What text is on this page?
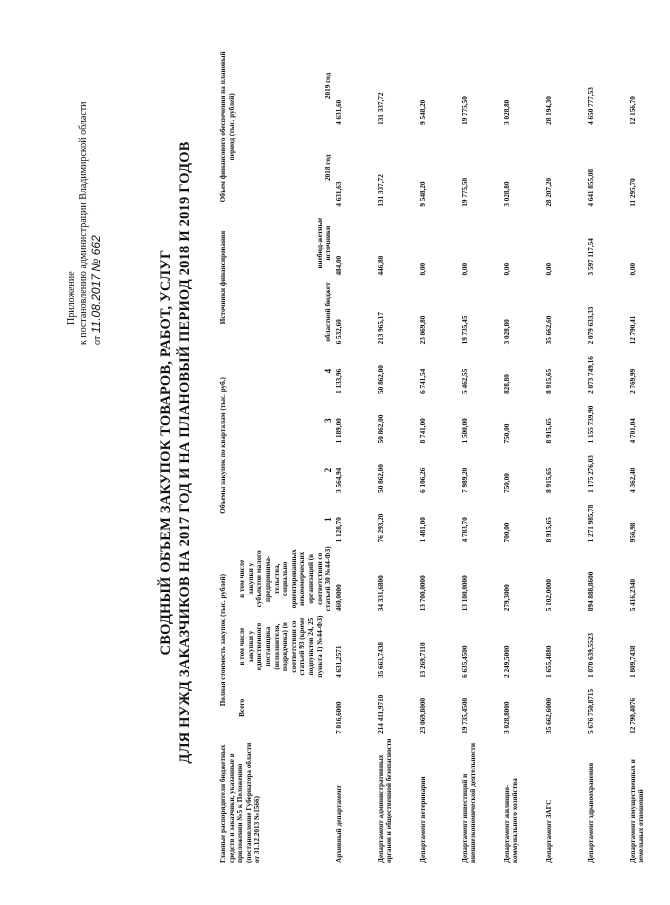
Приложение к постановлению администрации Владимирской области от 11.08.2017 № 662	СВОДНЫЙ ОБЪЕМ ЗАКУПОК ТОВАРОВ, РАБОТ, УСЛУГ ДЛЯ НУЖД ЗАКАЗЧИКОВ НА 2017 ГОД И НА ПЛАНОВЫЙ ПЕРИОД 2018 И 2019 ГОДОВ
Главные распорядители бюджетных средств и заказчики, указанные в приложении №5 к Положению (постановление Губернатора области от 31.12.2013 №1566)	Полная стоимость закупок (тыс. рублей)			Объемы закупок по кварталам (тыс. руб.)				Источники финансирования		Объем финансового обеспечения на плановый период (тыс. рублей)	
	Всего	в том числе закупки у единственного поставщика (исполнителя, подрядчика) (в соответствии со статьей 93 (кроме подпунктов 24, 25 пункта 1) №44-ФЗ)	в том числе закупки у субъектов малого предпринима-тельства, социально ориентированных некоммерческих организаций (в соответствии со статьей 30 №44-ФЗ)	1	2	3	4	областной бюджет	внебюд-жетные источники	2018 год	2019 год
Архивный департамент	7 016,6000	4 631,2571	460,0000	1 128,70	3 564,94	1 189,00	1 133,96	6 532,60	484,00	4 631,63	4 631,60
Департамент административных органов и общественной безопасности	214 411,9710	35 663,7438	34 331,6800	76 293,20	50 862,00	50 862,00	50 862,00	213 965,17	446,80	131 337,72	131 337,72
Департамент ветеринарии	23 069,8000	13 269,7110	13 700,0000	1 481,00	6 106,26	8 741,00	6 741,54	23 069,80	0,00	9 548,20	9 548,20
Департамент инвестиций и внешнеэкономической деятельности	19 735,4500	6 635,4500	13 100,0000	4 783,70	7 989,20	1 500,00	5 462,55	19 735,45	0,00	19 775,50	19 775,50
Департамент жилищно-коммунального хозяйства	3 028,8000	2 249,5000	279,3000	700,00	750,00	750,00	828,80	3 028,80	0,00	3 028,80	3 028,80
Департамент ЗАГС	35 662,6000	1 655,4880	5 102,0000	8 915,65	8 915,65	8 915,65	8 915,65	35 662,60	0,00	28 207,20	28 194,30
Департамент здравоохранения	5 676 750,8715	1 070 639,5523	894 888,8600	1 271 985,78	1 175 276,03	1 155 739,90	2 073 749,16	2 079 633,33	3 597 117,54	4 641 855,08	4 650 777,53
Департамент имущественных и земельных отношений	12 790,4076	1 809,7438	5 416,2340	956,98	4 362,40	4 701,04	2 769,99	12 790,41	0,00	11 295,70	12 156,70
